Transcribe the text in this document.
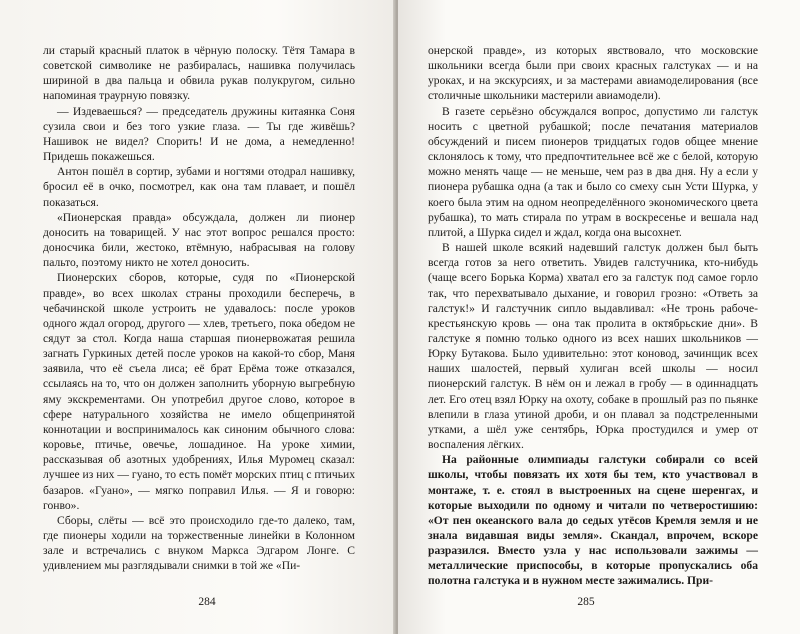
ли старый красный платок в чёрную полоску. Тётя Тамара в советской символике не разбиралась, нашивка получилась шириной в два пальца и обвила рукав полукругом, сильно напоминая траурную повязку.

— Издеваешься? — председатель дружины китаянка Соня сузила свои и без того узкие глаза. — Ты где живёшь? Нашивок не видел? Спорить! И не дома, а немедленно! Придешь покажешься.

Антон пошёл в сортир, зубами и ногтями отодрал нашивку, бросил её в очко, посмотрел, как она там плавает, и пошёл показаться.

«Пионерская правда» обсуждала, должен ли пионер доносить на товарищей. У нас этот вопрос решался просто: доносчика били, жестоко, втёмную, набрасывая на голову пальто, поэтому никто не хотел доносить.

Пионерских сборов, которые, судя по «Пионерской правде», во всех школах страны проходили бесперечь, в чебачинской школе устроить не удавалось: после уроков одного ждал огород, другого — хлев, третьего, пока обедом не сядут за стол. Когда наша старшая пионервожатая решила загнать Гуркиных детей после уроков на какой-то сбор, Маня заявила, что её съела лиса; её брат Ерёма тоже отказался, ссылаясь на то, что он должен заполнить уборную выгребную яму экскрементами. Он употребил другое слово, которое в сфере натурального хозяйства не имело общепринятой коннотации и воспринималось как синоним обычного слова: коровье, птичье, овечье, лошадиное. На уроке химии, рассказывая об азотных удобрениях, Илья Муромец сказал: лучшее из них — гуано, то есть помёт морских птиц с птичьих базаров. «Гуано», — мягко поправил Илья. — Я и говорю: гонво».

Сборы, слёты — всё это происходило где-то далеко, там, где пионеры ходили на торжественные линейки в Колонном зале и встречались с внуком Маркса Эдгаром Лонге. С удивлением мы разглядывали снимки в той же «Пи-

284

онерской правде», из которых явствовало, что московские школьники всегда были при своих красных галстуках — и на уроках, и на экскурсиях, и за мастерами авиамоделирования (все столичные школьники мастерили авиамодели).

В газете серьёзно обсуждался вопрос, допустимо ли галстук носить с цветной рубашкой; после печатания материалов обсуждений и писем пионеров тридцатых годов общее мнение склонялось к тому, что предпочтительнее всё же с белой, которую можно менять чаще — не меньше, чем раз в два дня. Ну а если у пионера рубашка одна (а так и было со смеху сын Усти Шурка, у коего была этим на одном неопределённого экономического цвета рубашка), то мать стирала по утрам в воскресенье и вешала над плитой, а Шурка сидел и ждал, когда она высохнет.

В нашей школе всякий надевший галстук должен был быть всегда готов за него ответить. Увидев галстучника, кто-нибудь (чаще всего Борька Корма) хватал его за галстук под самое горло так, что перехватывало дыхание, и говорил грозно: «Ответь за галстук!» И галстучник сипло выдавливал: «Не тронь рабоче-крестьянскую кровь — она так пролита в октябрьские дни». В галстуке я помню только одного из всех наших школьников — Юрку Бутакова. Было удивительно: этот коновод, зачинщик всех наших шалостей, первый хулиган всей школы — носил пионерский галстук. В нём он и лежал в гробу — в одиннадцать лет. Его отец взял Юрку на охоту, собаке в прошлый раз по пьянке влепили в глаза утиной дроби, и он плавал за подстреленными утками, а шёл уже сентябрь, Юрка простудился и умер от воспаления лёгких.

На районные олимпиады галстуки собирали со всей школы, чтобы повязать их хотя бы тем, кто участвовал в монтаже, т. е. стоял в выстроенных на сцене шеренгах, и которые выходили по одному и читали по четверостишию: «От пен океанского вала до седых утёсов Кремля земля и не знала видавшая виды земля». Скандал, впрочем, вскоре разразился. Вместо узла у нас использовали зажимы — металлические приспособы, в которые пропускались оба полотна галстука и в нужном месте зажимались. При-

285
